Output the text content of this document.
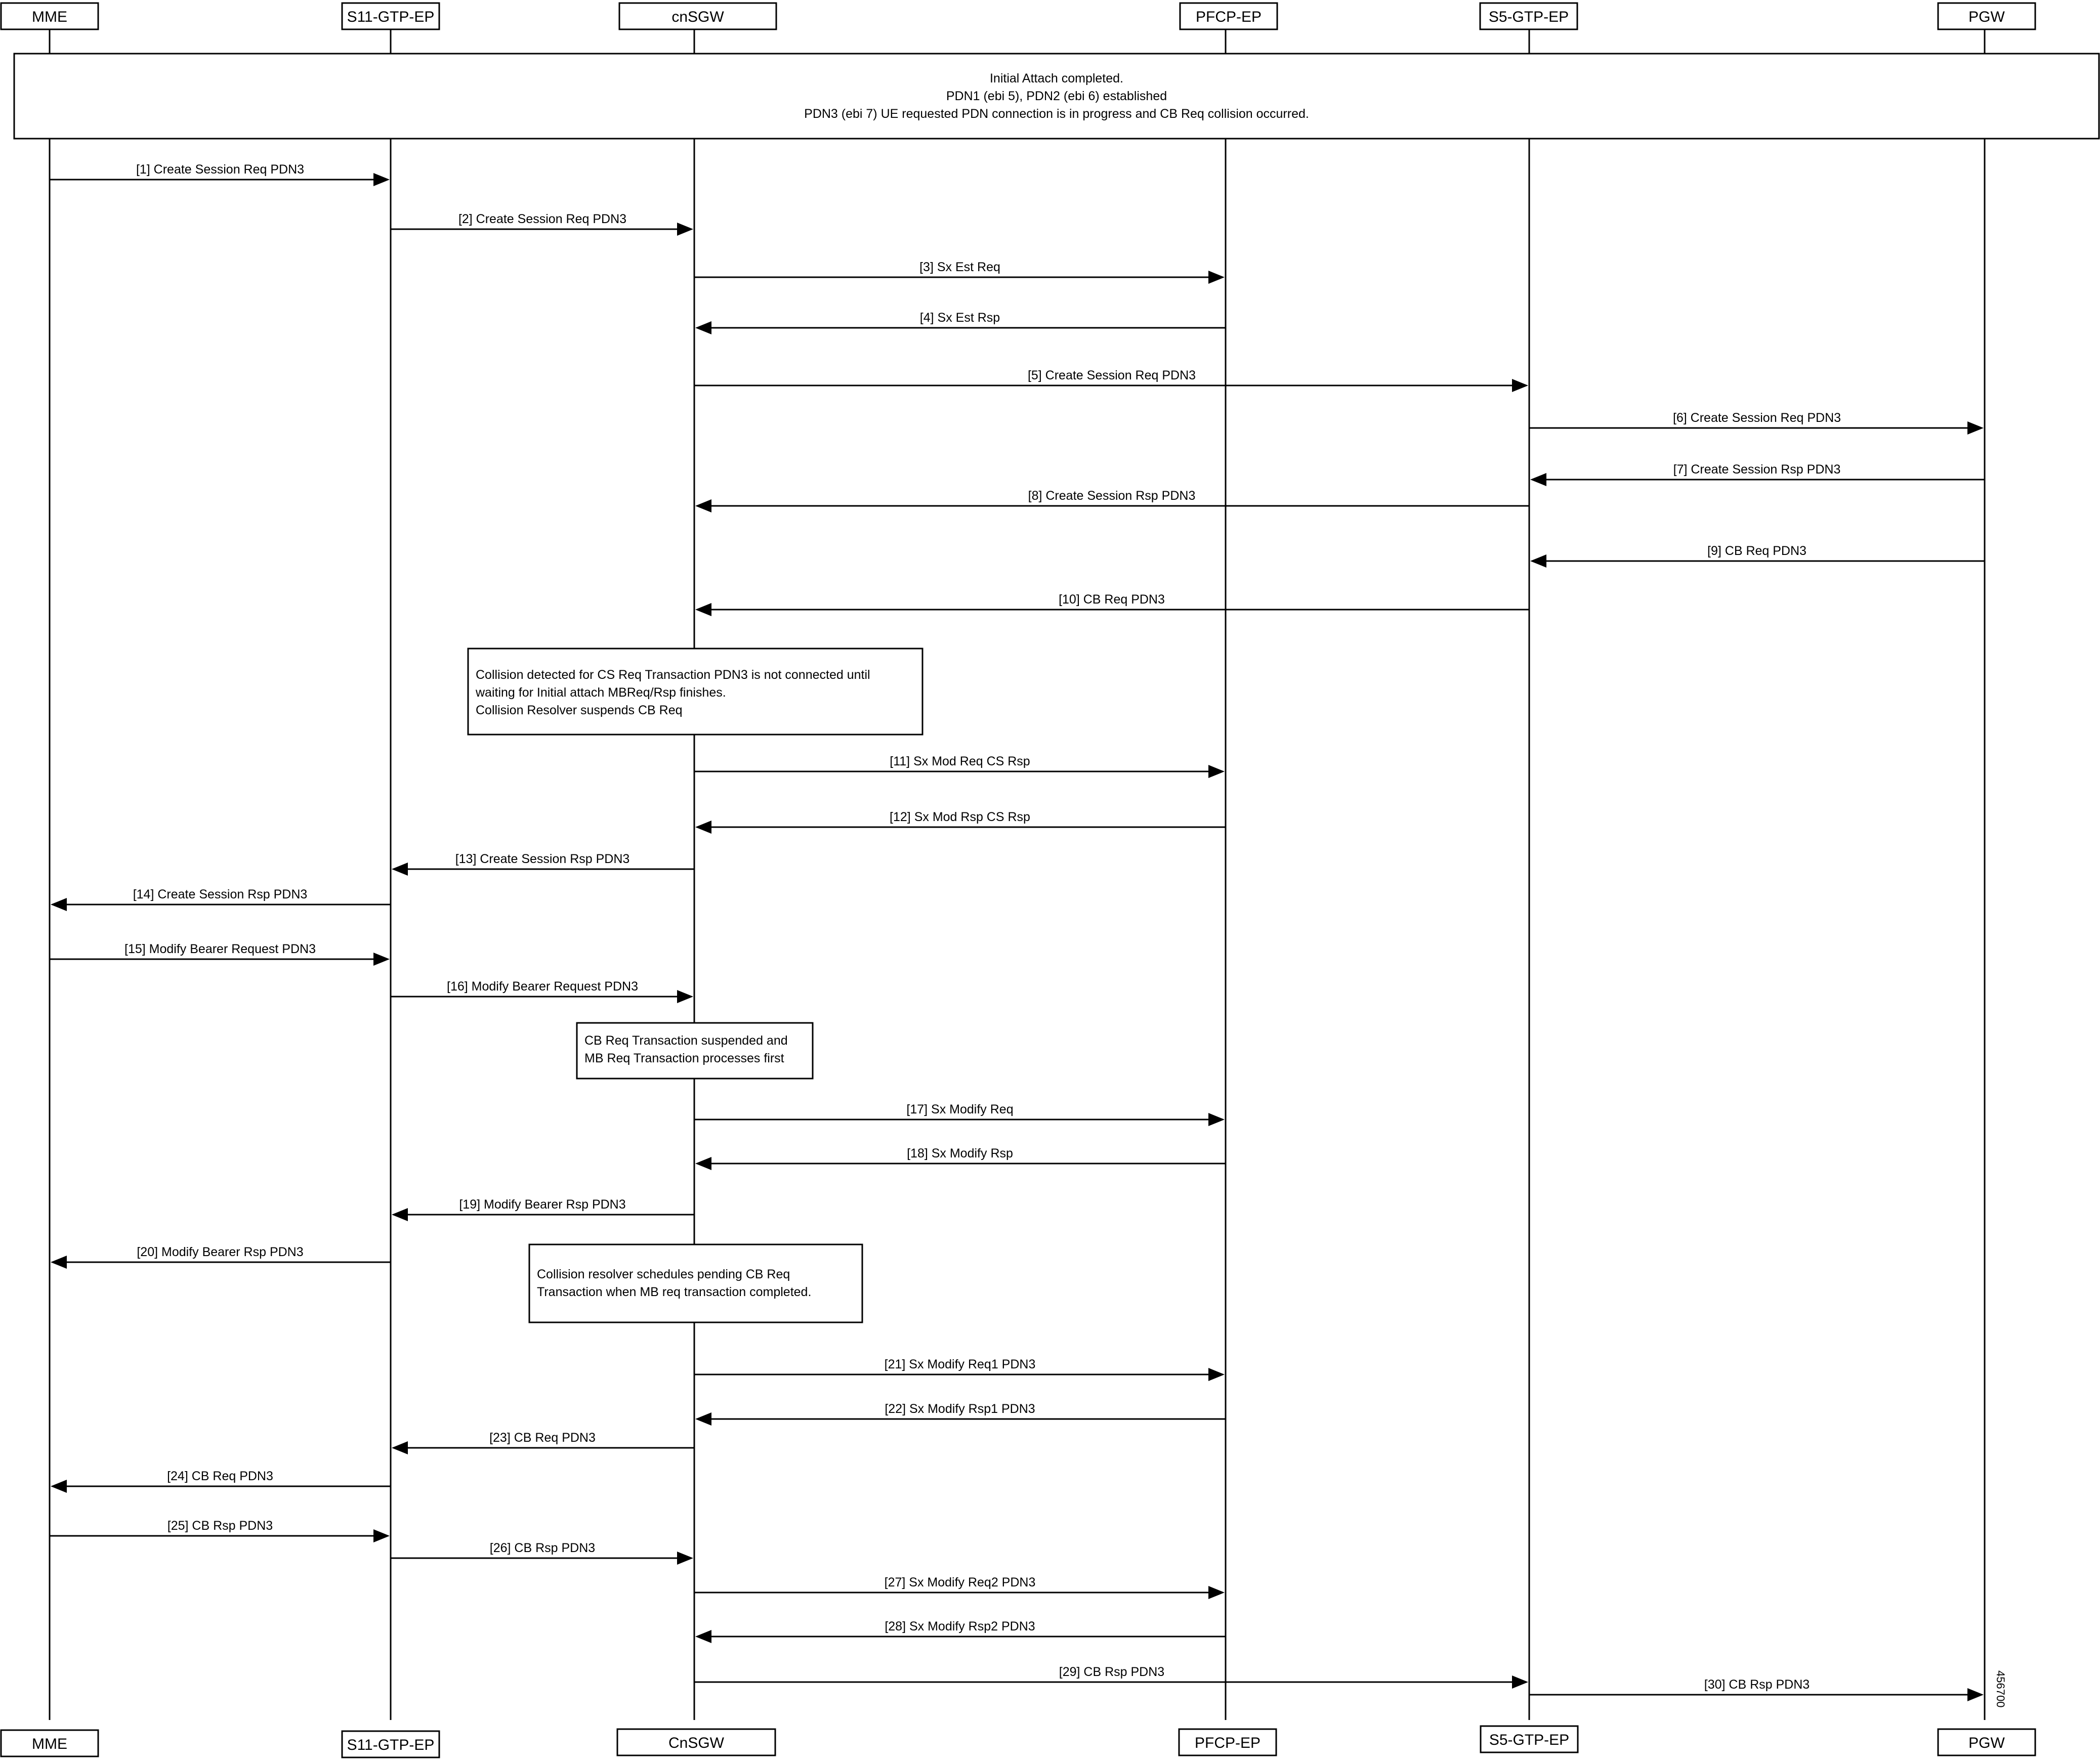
MME	S11-GTP-EP	cnSGW	PFCP-EP	S5-GTP-EP	PGW
MME	S11-GTP-EP	CnSGW	PFCP-EP	S5-GTP-EP	PGW
Initial Attach completed.
PDN1 (ebi 5), PDN2 (ebi 6) established
PDN3 (ebi 7) UE requested PDN connection is in progress and CB Req collision occurred.
Collision detected for CS Req Transaction PDN3 is not connected until
waiting for Initial attach MBReq/Rsp finishes.
Collision Resolver suspends CB Req
CB Req Transaction suspended and
MB Req Transaction processes first
Collision resolver schedules pending CB Req
Transaction when MB req transaction completed.
[1] Create Session Req PDN3
[2] Create Session Req PDN3
[3] Sx Est Req
[4] Sx Est Rsp
[5] Create Session Req PDN3
[6] Create Session Req PDN3
[7] Create Session Rsp PDN3
[8] Create Session Rsp PDN3
[9] CB Req PDN3
[10] CB Req PDN3
[11] Sx Mod Req CS Rsp
[12] Sx Mod Rsp CS Rsp
[13] Create Session Rsp PDN3
[14] Create Session Rsp PDN3
[15] Modify Bearer Request PDN3
[16] Modify Bearer Request PDN3
[17] Sx Modify Req
[18] Sx Modify Rsp
[19] Modify Bearer Rsp PDN3
[20] Modify Bearer Rsp PDN3
[21] Sx Modify Req1 PDN3
[22] Sx Modify Rsp1 PDN3
[23] CB Req PDN3
[24] CB Req PDN3
[25] CB Rsp PDN3
[26] CB Rsp PDN3
[27] Sx Modify Req2 PDN3
[28] Sx Modify Rsp2 PDN3
[29] CB Rsp PDN3
[30] CB Rsp PDN3	456700
